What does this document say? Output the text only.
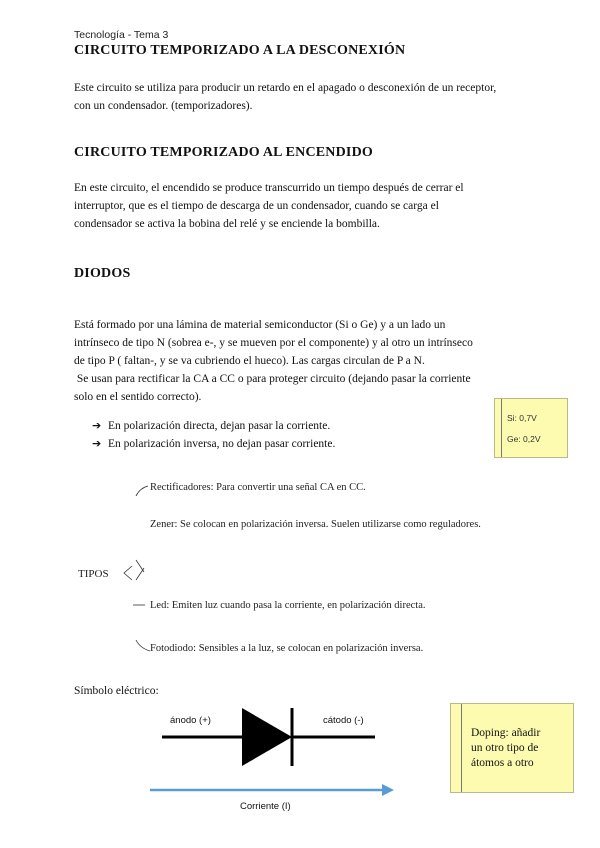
Tecnología - Tema 3
CIRCUITO TEMPORIZADO A LA DESCONEXIÓN
Este circuito se utiliza para producir un retardo en el apagado o desconexión de un receptor,
con un condensador. (temporizadores).
CIRCUITO TEMPORIZADO AL ENCENDIDO
En este circuito, el encendido se produce transcurrido un tiempo después de cerrar el
interruptor, que es el tiempo de descarga de un condensador, cuando se carga el
condensador se activa la bobina del relé y se enciende la bombilla.
DIODOS
Está formado por una lámina de material semiconductor (Si o Ge) y a un lado un
intrínseco de tipo N (sobrea e-, y se mueven por el componente) y al otro un intrínseco
de tipo P ( faltan-, y se va cubriendo el hueco). Las cargas circulan de P a N.
Se usan para rectificar la CA a CC o para proteger circuito (dejando pasar la corriente
solo en el sentido correcto).
➔ En polarización directa, dejan pasar la corriente.
➔ En polarización inversa, no dejan pasar corriente.
Si: 0,7V
Ge: 0,2V
TIPOS
Rectificadores: Para convertir una señal CA en CC.
Zener: Se colocan en polarización inversa. Suelen utilizarse como reguladores.
Led: Emiten luz cuando pasa la corriente, en polarización directa.
Fotodiodo: Sensibles a la luz, se colocan en polarización inversa.
Símbolo eléctrico:
ánodo (+)	cátodo (-)
Corriente (I)
Doping: añadir
un otro tipo de
átomos a otro
